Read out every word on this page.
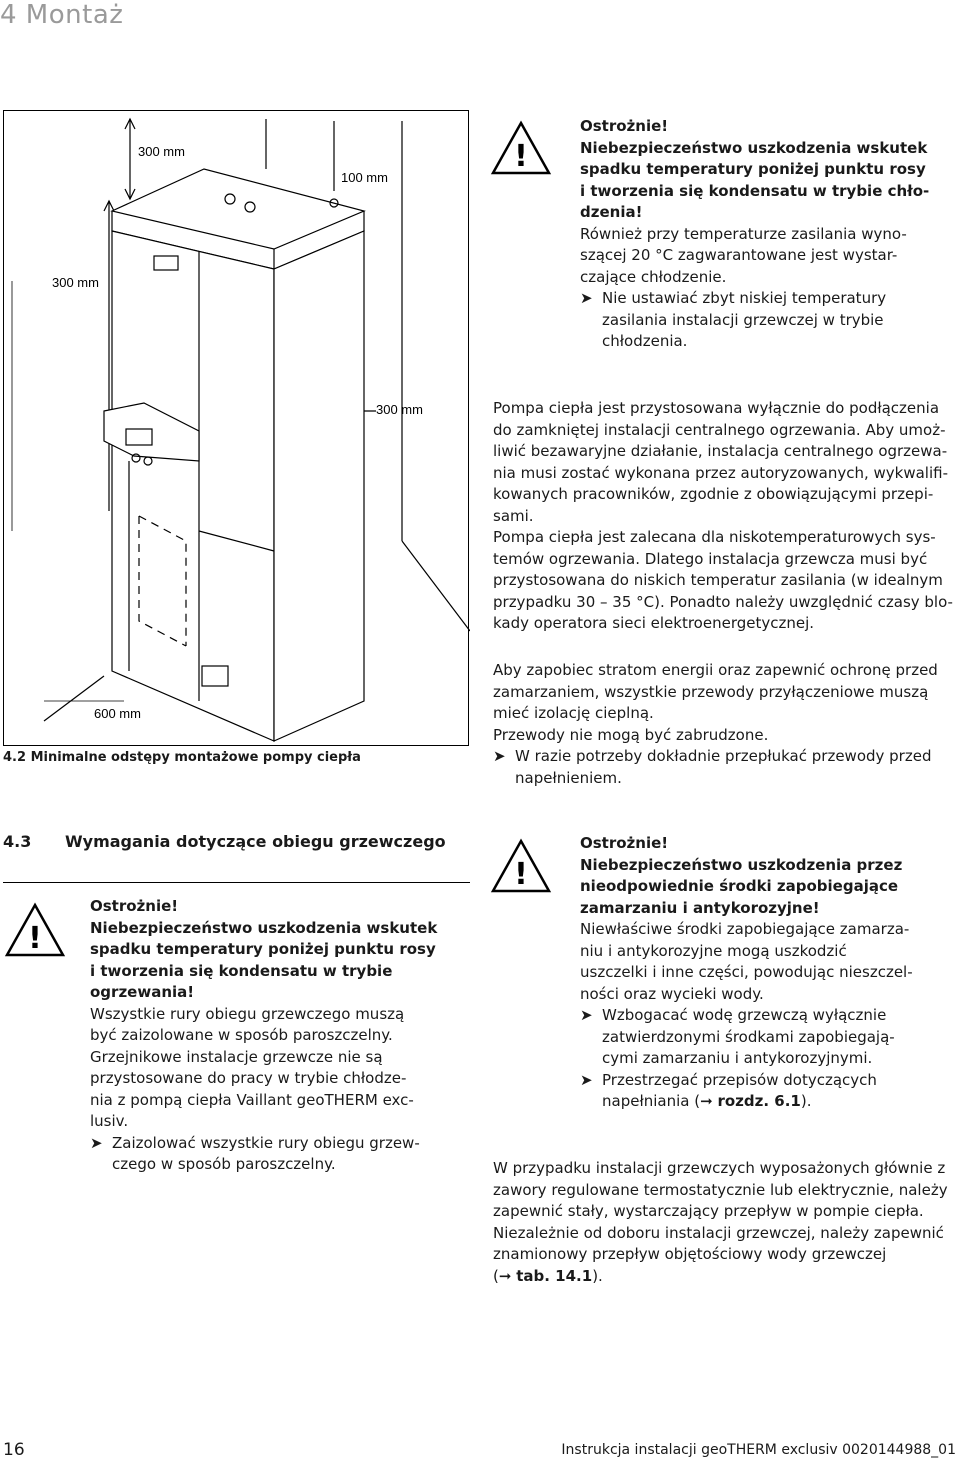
4 Montaż
300 mm
100 mm
300 mm
300 mm
600 mm
4.2 Minimalne odstępy montażowe pompy ciepła
!

Ostrożnie!

Niebezpieczeństwo uszkodzenia wskutek

spadku temperatury poniżej punktu rosy

i tworzenia się kondensatu w trybie chło-

dzenia!

Również przy temperaturze zasilania wyno-

szącej 20 °C zagwarantowane jest wystar-

czające chłodzenie.

➤ Nie ustawiać zbyt niskiej temperatury

zasilania instalacji grzewczej w trybie

chłodzenia.

Pompa ciepła jest przystosowana wyłącznie do podłączenia

do zamkniętej instalacji centralnego ogrzewania. Aby umoż-

liwić bezawaryjne działanie, instalacja centralnego ogrzewa-

nia musi zostać wykonana przez autoryzowanych, wykwalifi-

kowanych pracowników, zgodnie z obowiązującymi przepi-

sami.

Pompa ciepła jest zalecana dla niskotemperaturowych sys-

temów ogrzewania. Dlatego instalacja grzewcza musi być

przystosowana do niskich temperatur zasilania (w idealnym

przypadku 30 – 35 °C). Ponadto należy uwzględnić czasy blo-

kady operatora sieci elektroenergetycznej.

Aby zapobiec stratom energii oraz zapewnić ochronę przed

zamarzaniem, wszystkie przewody przyłączeniowe muszą

mieć izolację cieplną.

Przewody nie mogą być zabrudzone.

➤ W razie potrzeby dokładnie przepłukać przewody przed

napełnieniem.

4.3 Wymagania dotyczące obiegu grzewczego
!

Ostrożnie!

Niebezpieczeństwo uszkodzenia wskutek

spadku temperatury poniżej punktu rosy

i tworzenia się kondensatu w trybie

ogrzewania!

Wszystkie rury obiegu grzewczego muszą

być zaizolowane w sposób paroszczelny.

Grzejnikowe instalacje grzewcze nie są

przystosowane do pracy w trybie chłodze-

nia z pompą ciepła Vaillant geoTHERM exc-

lusiv.

➤ Zaizolować wszystkie rury obiegu grzew-

czego w sposób paroszczelny.

!

Ostrożnie!

Niebezpieczeństwo uszkodzenia przez

nieodpowiednie środki zapobiegające

zamarzaniu i antykorozyjne!

Niewłaściwe środki zapobiegające zamarza-

niu i antykorozyjne mogą uszkodzić

uszczelki i inne części, powodując nieszczel-

ności oraz wycieki wody.

➤ Wzbogacać wodę grzewczą wyłącznie

zatwierdzonymi środkami zapobiegają-

cymi zamarzaniu i antykorozyjnymi.

➤ Przestrzegać przepisów dotyczących

napełniania (➞ rozdz. 6.1).

W przypadku instalacji grzewczych wyposażonych głównie z

zawory regulowane termostatycznie lub elektrycznie, należy

zapewnić stały, wystarczający przepływ w pompie ciepła.

Niezależnie od doboru instalacji grzewczej, należy zapewnić

znamionowy przepływ objętościowy wody grzewczej

(➞ tab. 14.1).

16	Instrukcja instalacji geoTHERM exclusiv 0020144988_01
